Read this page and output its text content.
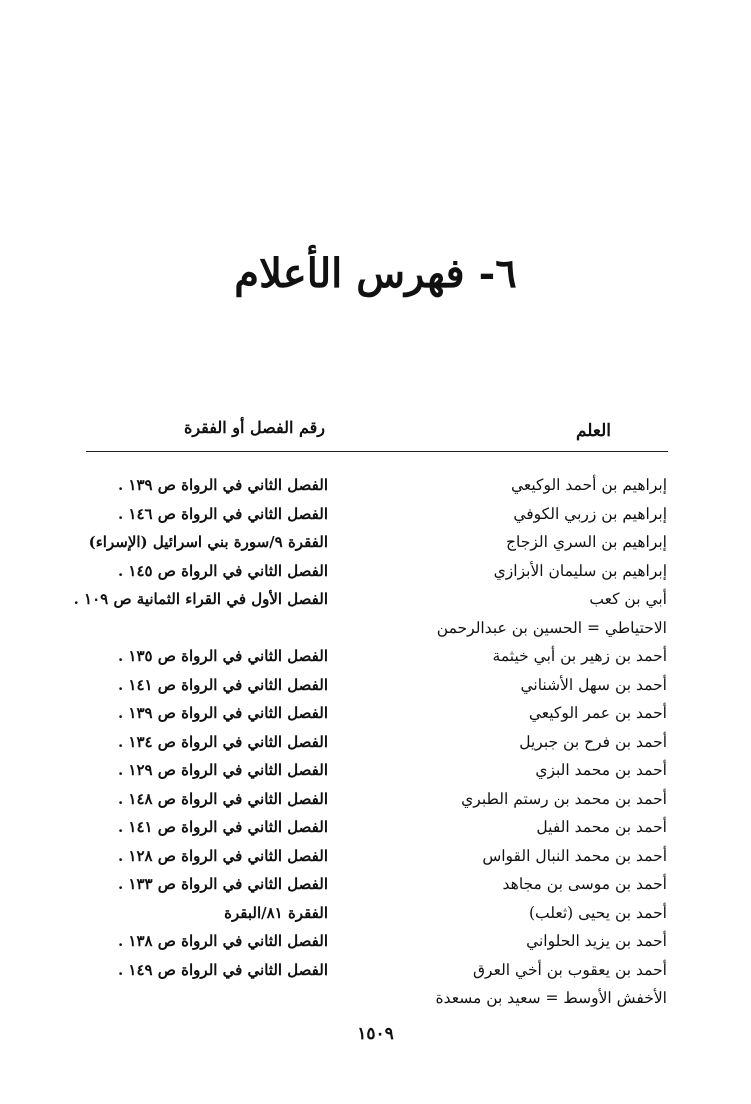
٦- فهرس الأعلام
العلم
رقم الفصل أو الفقرة
إبراهيم بن أحمد الوكيعي
الفصل الثاني في الرواة ص ١٣٩ .
إبراهيم بن زربي الكوفي
الفصل الثاني في الرواة ص ١٤٦ .
إبراهيم بن السري الزجاج
الفقرة ٩/سورة بني اسرائيل (الإسراء)
إبراهيم بن سليمان الأبزازي
الفصل الثاني في الرواة ص ١٤٥ .
أبي بن كعب
الفصل الأول في القراء الثمانية ص ١٠٩ .
الاحتياطي = الحسين بن عبدالرحمن
أحمد بن زهير بن أبي خيثمة
الفصل الثاني في الرواة ص ١٣٥ .
أحمد بن سهل الأشناني
الفصل الثاني في الرواة ص ١٤١ .
أحمد بن عمر الوكيعي
الفصل الثاني في الرواة ص ١٣٩ .
أحمد بن فرح بن جبريل
الفصل الثاني في الرواة ص ١٣٤ .
أحمد بن محمد البزي
الفصل الثاني في الرواة ص ١٢٩ .
أحمد بن محمد بن رستم الطبري
الفصل الثاني في الرواة ص ١٤٨ .
أحمد بن محمد الفيل
الفصل الثاني في الرواة ص ١٤١ .
أحمد بن محمد النبال القواس
الفصل الثاني في الرواة ص ١٢٨ .
أحمد بن موسى بن مجاهد
الفصل الثاني في الرواة ص ١٣٣ .
أحمد بن يحيى (ثعلب)
الفقرة ٨١/البقرة
أحمد بن يزيد الحلواني
الفصل الثاني في الرواة ص ١٣٨ .
أحمد بن يعقوب بن أخي العرق
الفصل الثاني في الرواة ص ١٤٩ .
الأخفش الأوسط = سعيد بن مسعدة
١٥٠٩
